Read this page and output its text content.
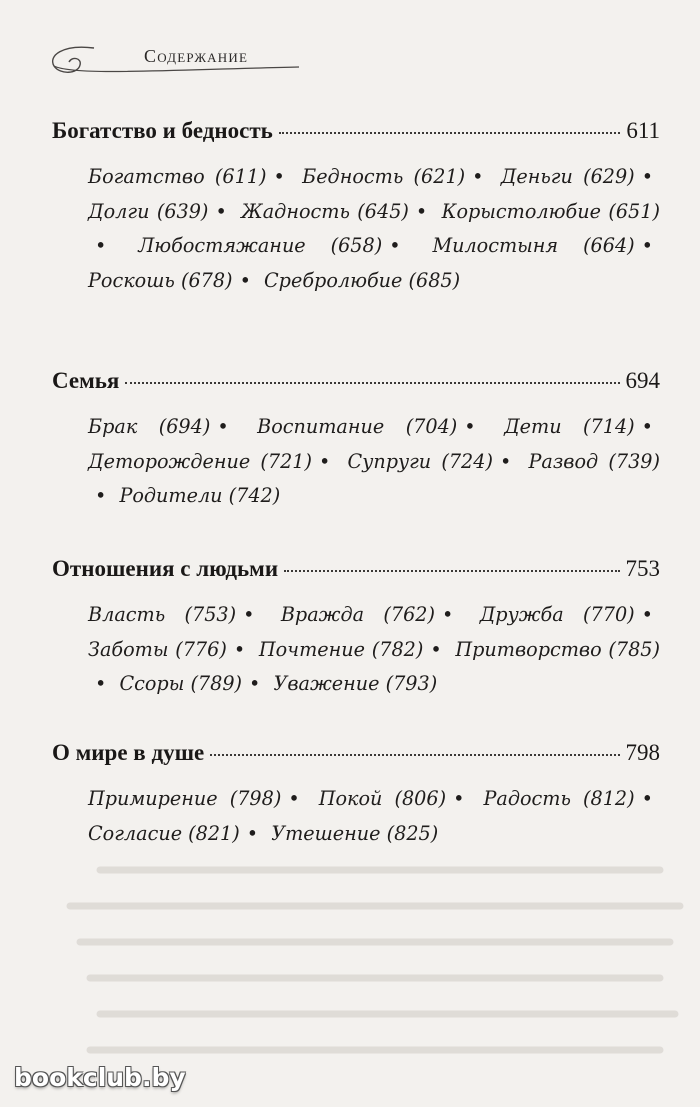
Содержание
Богатство и бедность	611
Богатство (611) • Бедность (621) • Деньги (629) • Долги (639) • Жадность (645) • Корыстолюбие (651)• Любостяжание (658) • Милостыня (664) • Роскошь (678) • Сребролюбие (685)
Семья	694
Брак (694) • Воспитание (704) • Дети (714) • Деторождение (721) • Супруги (724) • Развод (739)• Родители (742)
Отношения с людьми	753
Власть (753) • Вражда (762) • Дружба (770) • Заботы (776) • Почтение (782) • Притворство (785)• Ссоры (789) • Уважение (793)
О мире в душе	798
Примирение (798) • Покой (806) • Радость (812) • Согласие (821) • Утешение (825)
bookclub.by
